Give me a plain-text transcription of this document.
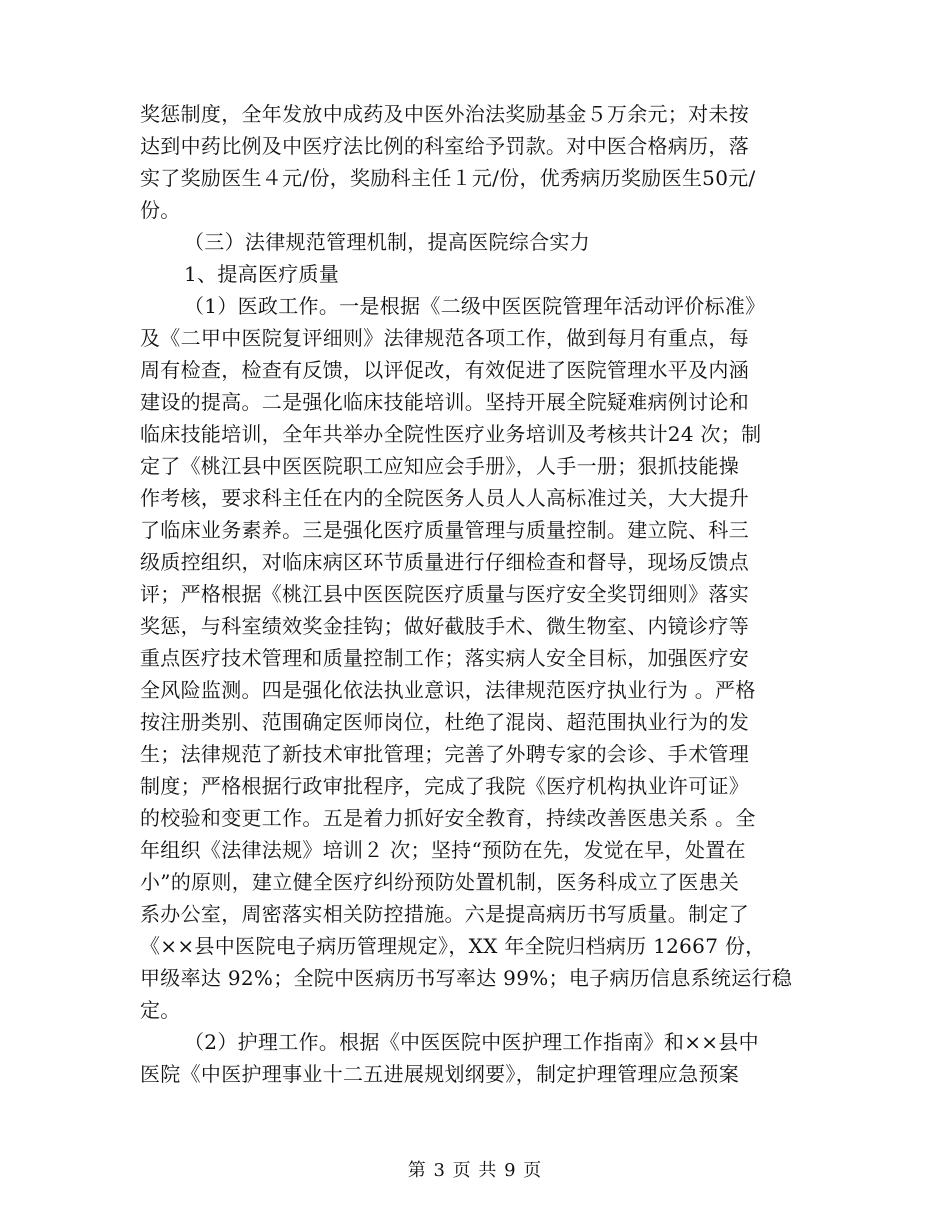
奖惩制度，全年发放中成药及中医外治法奖励基金５万余元；对未按
达到中药比例及中医疗法比例的科室给予罚款。对中医合格病历，落
实了奖励医生４元/份，奖励科主任１元/份，优秀病历奖励医生50元/
份。
（三）法律规范管理机制，提高医院综合实力
1、提高医疗质量
（1）医政工作。一是根据《二级中医医院管理年活动评价标准》
及《二甲中医院复评细则》法律规范各项工作，做到每月有重点，每
周有检查，检查有反馈，以评促改，有效促进了医院管理水平及内涵
建设的提高。二是强化临床技能培训。坚持开展全院疑难病例讨论和
临床技能培训，全年共举办全院性医疗业务培训及考核共计24 次；制
定了《桃江县中医医院职工应知应会手册》，人手一册；狠抓技能操
作考核，要求科主任在内的全院医务人员人人高标准过关，大大提升
了临床业务素养。三是强化医疗质量管理与质量控制。建立院、科三
级质控组织，对临床病区环节质量进行仔细检查和督导，现场反馈点
评；严格根据《桃江县中医医院医疗质量与医疗安全奖罚细则》落实
奖惩，与科室绩效奖金挂钩；做好截肢手术、微生物室、内镜诊疗等
重点医疗技术管理和质量控制工作；落实病人安全目标，加强医疗安
全风险监测。四是强化依法执业意识，法律规范医疗执业行为 。严格
按注册类别、范围确定医师岗位，杜绝了混岗、超范围执业行为的发
生；法律规范了新技术审批管理；完善了外聘专家的会诊、手术管理
制度；严格根据行政审批程序，完成了我院《医疗机构执业许可证》
的校验和变更工作。五是着力抓好安全教育，持续改善医患关系 。全
年组织《法律法规》培训２ 次；坚持“预防在先，发觉在早，处置在
小”的原则，建立健全医疗纠纷预防处置机制，医务科成立了医患关
系办公室，周密落实相关防控措施。六是提高病历书写质量。制定了
《××县中医院电子病历管理规定》，XX 年全院归档病历 12667 份，
甲级率达 92%；全院中医病历书写率达 99%；电子病历信息系统运行稳
定。
（2）护理工作。根据《中医医院中医护理工作指南》和××县中
医院《中医护理事业十二五进展规划纲要》，制定护理管理应急预案
第 3 页 共 9 页
